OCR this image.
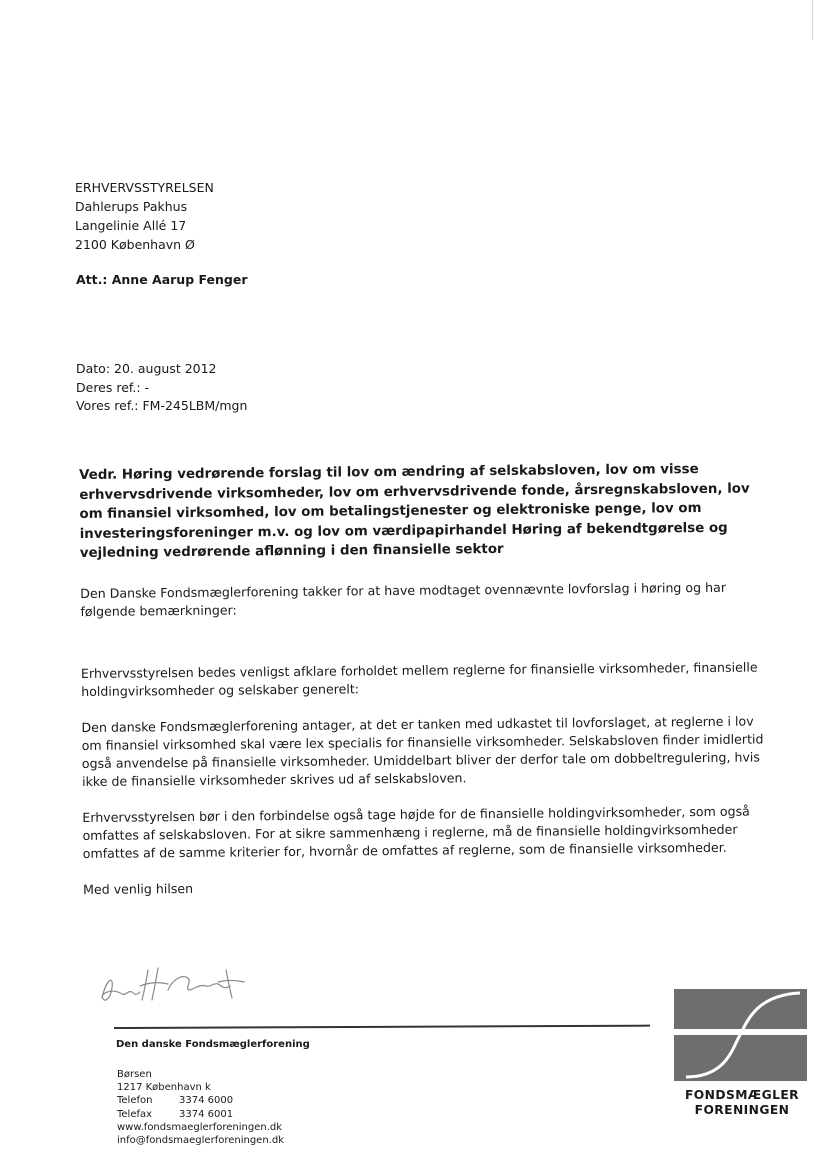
ERHVERVSSTYRELSEN
Dahlerups Pakhus
Langelinie Allé 17
2100 København Ø
Att.: Anne Aarup Fenger
Dato: 20. august 2012
Deres ref.: -
Vores ref.: FM-245LBM/mgn

Vedr. Høring vedrørende forslag til lov om ændring af selskabsloven, lov om visse erhvervsdrivende virksomheder, lov om erhvervsdrivende fonde, årsregnskabsloven, lov om finansiel virksomhed, lov om betalingstjenester og elektroniske penge, lov om investeringsforeninger m.v. og lov om værdipapirhandel Høring af bekendtgørelse og vejledning vedrørende aflønning i den finansielle sektor

Den Danske Fondsmæglerforening takker for at have modtaget ovennævnte lovforslag i høring og har følgende bemærkninger:

Erhvervsstyrelsen bedes venligst afklare forholdet mellem reglerne for finansielle virksomheder, finansielle holdingvirksomheder og selskaber generelt:

Den danske Fondsmæglerforening antager, at det er tanken med udkastet til lovforslaget, at reglerne i lov om finansiel virksomhed skal være lex specialis for finansielle virksomheder. Selskabsloven finder imidlertid også anvendelse på finansielle virksomheder. Umiddelbart bliver der derfor tale om dobbeltregulering, hvis ikke de finansielle virksomheder skrives ud af selskabsloven.

Erhvervsstyrelsen bør i den forbindelse også tage højde for de finansielle holdingvirksomheder, som også omfattes af selskabsloven. For at sikre sammenhæng i reglerne, må de finansielle holdingvirksomheder omfattes af de samme kriterier for, hvornår de omfattes af reglerne, som de finansielle virksomheder.

Med venlig hilsen

Den danske Fondsmæglerforening
Børsen
1217 København k
Telefon	3374 6000
Telefax	3374 6001
www.fondsmaeglerforeningen.dk
info@fondsmaeglerforeningen.dk
FONDSMÆGLER
FORENINGEN
